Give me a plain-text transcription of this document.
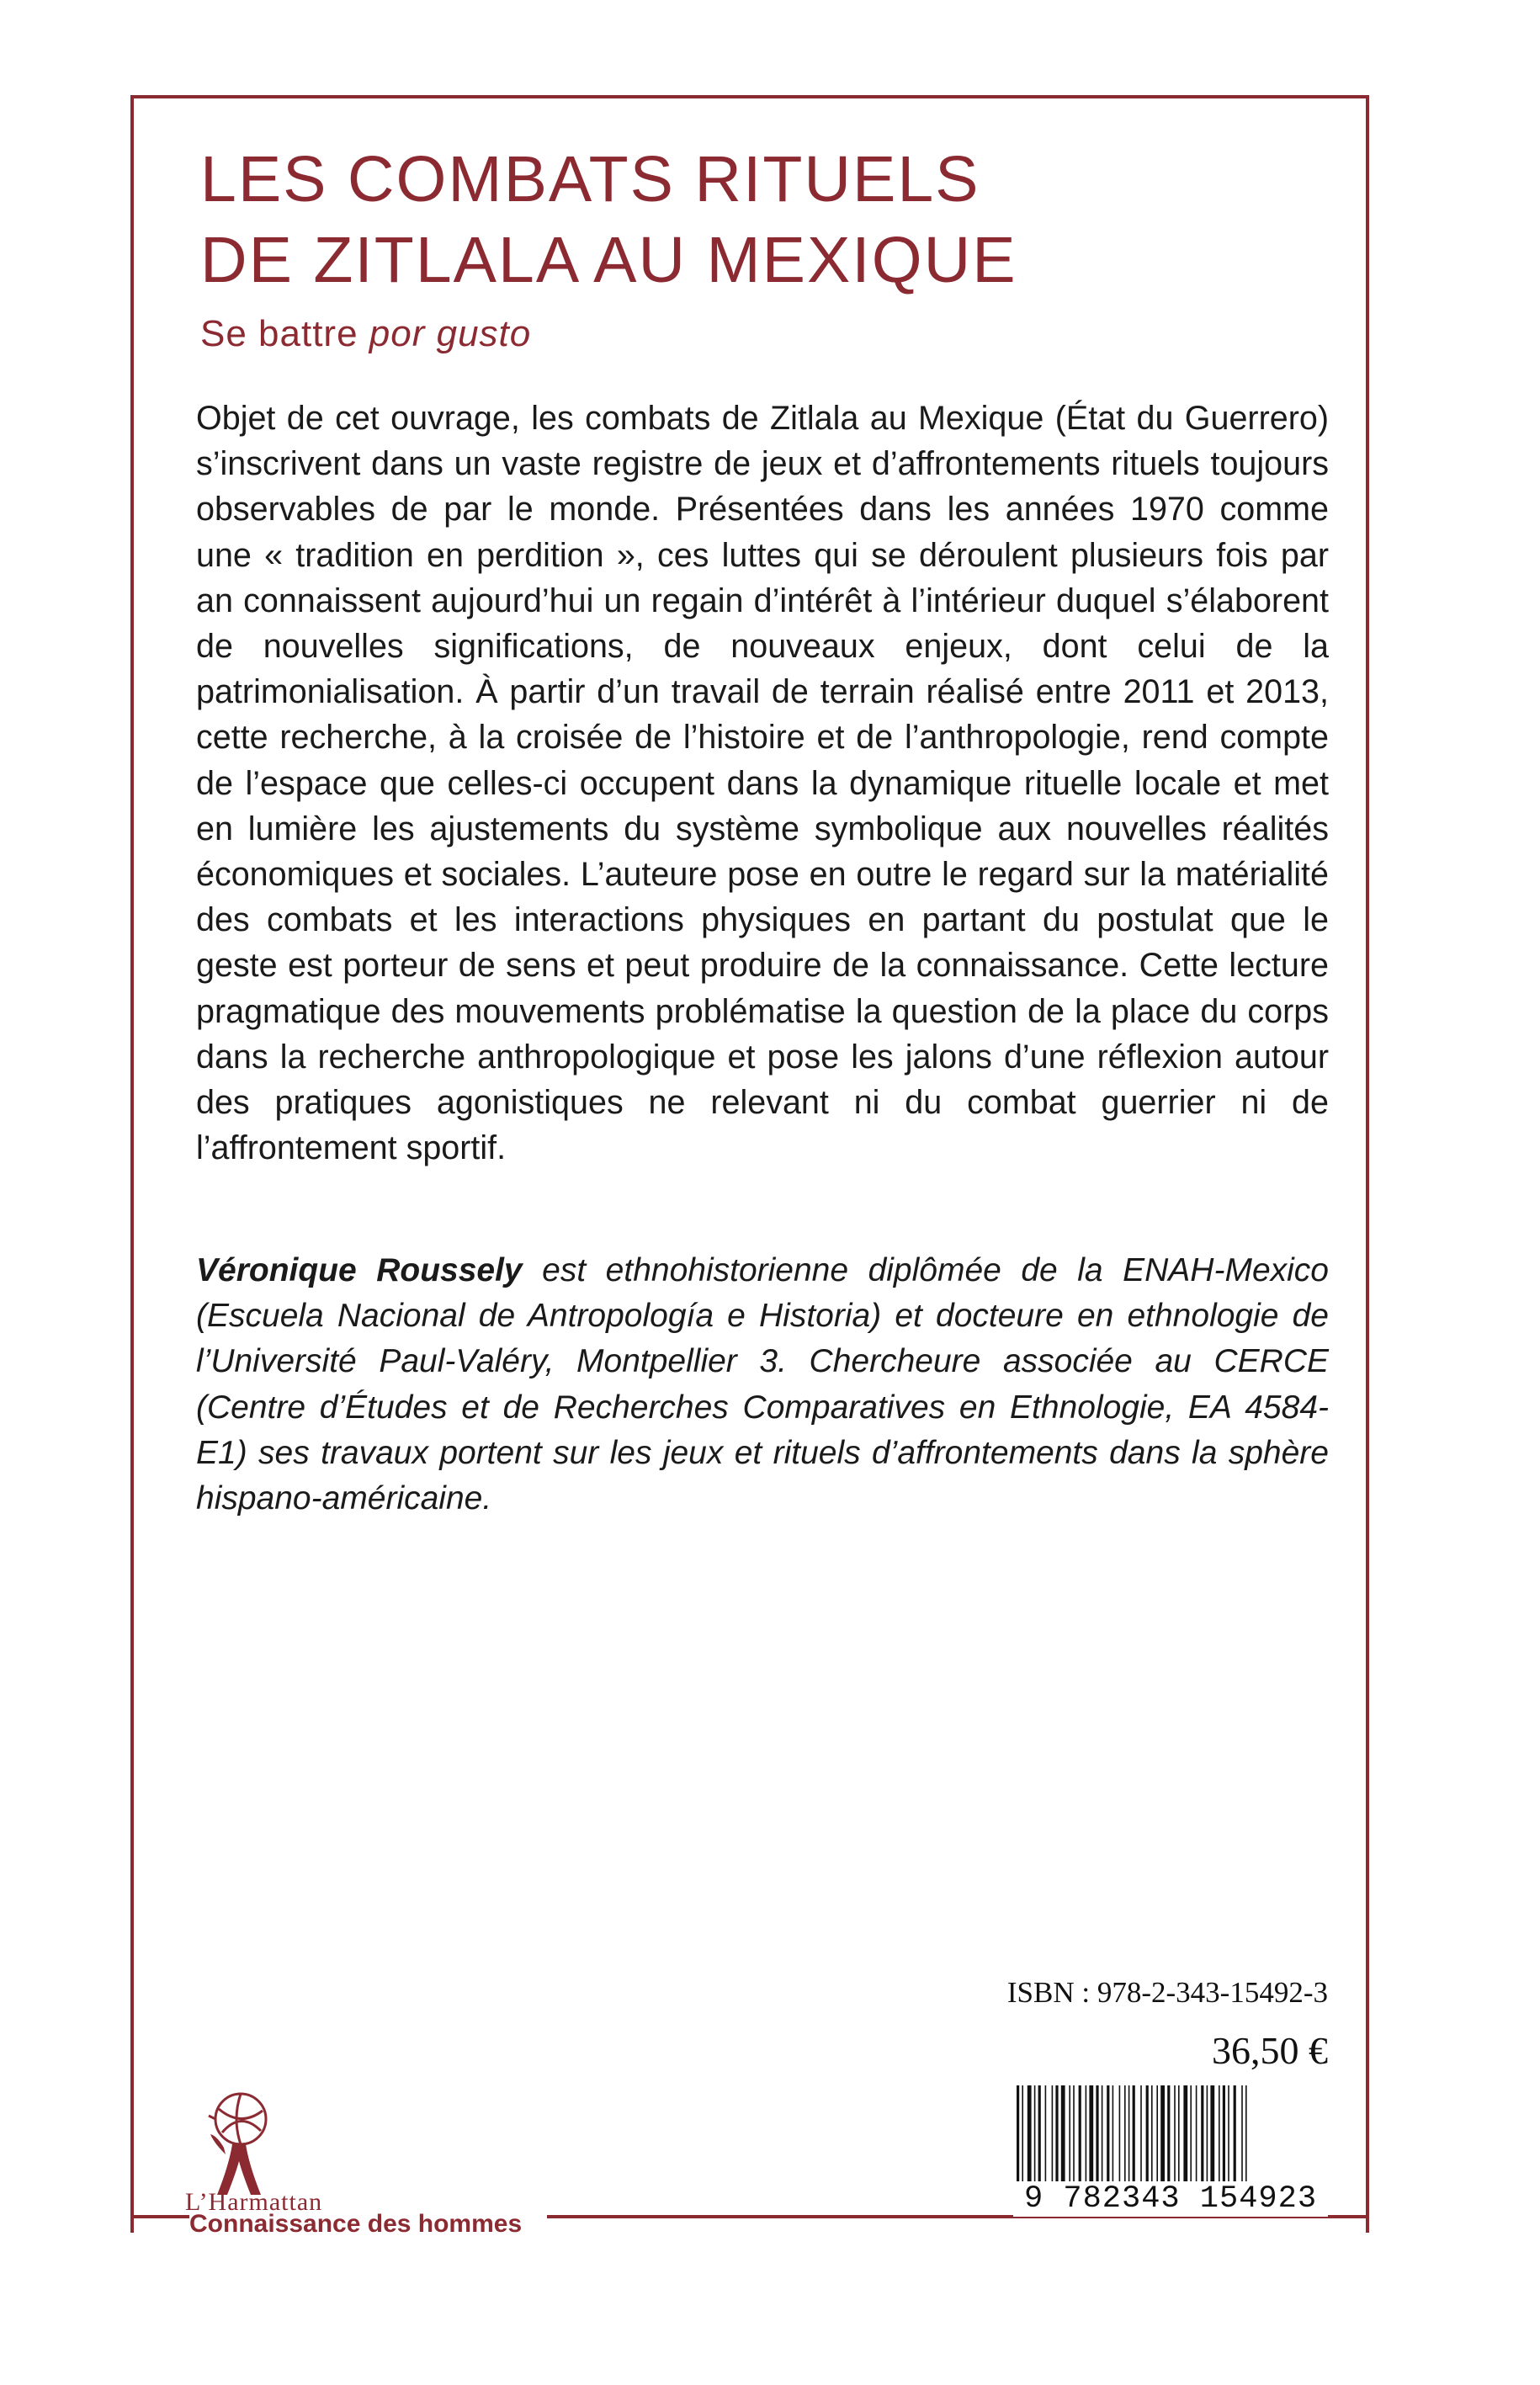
LES COMBATS RITUELS
DE ZITLALA AU MEXIQUE

Se battre por gusto

Objet de cet ouvrage, les combats de Zitlala au Mexique (État du Guerrero) s’inscrivent dans un vaste registre de jeux et d’affrontements rituels toujours observables de par le monde. Présentées dans les années 1970 comme une « tradition en perdition », ces luttes qui se déroulent plusieurs fois par an connaissent aujourd’hui un regain d’intérêt à l’intérieur duquel s’élaborent de nouvelles significations, de nouveaux enjeux, dont celui de la patrimonialisation. À partir d’un travail de terrain réalisé entre 2011 et 2013, cette recherche, à la croisée de l’histoire et de l’anthropologie, rend compte de l’espace que celles-ci occupent dans la dynamique rituelle locale et met en lumière les ajustements du système symbolique aux nouvelles réalités économiques et sociales. L’auteure pose en outre le regard sur la matérialité des combats et les interactions physiques en partant du postulat que le geste est porteur de sens et peut produire de la connaissance. Cette lecture pragmatique des mouvements problématise la question de la place du corps dans la recherche anthropologique et pose les jalons d’une réflexion autour des pratiques agonistiques ne relevant ni du combat guerrier ni de l’affrontement sportif.

Véronique Roussely est ethnohistorienne diplômée de la ENAH-Mexico (Escuela Nacional de Antropología e Historia) et docteure en ethnologie de l’Université Paul-Valéry, Montpellier 3. Chercheure associée au CERCE (Centre d’Études et de Recherches Comparatives en Ethnologie, EA 4584-E1) ses travaux portent sur les jeux et rituels d’affrontements dans la sphère hispano-américaine.

ISBN : 978-2-343-15492-3

36,50 €

9 782343 154923

L’Harmattan

Connaissance des hommes
